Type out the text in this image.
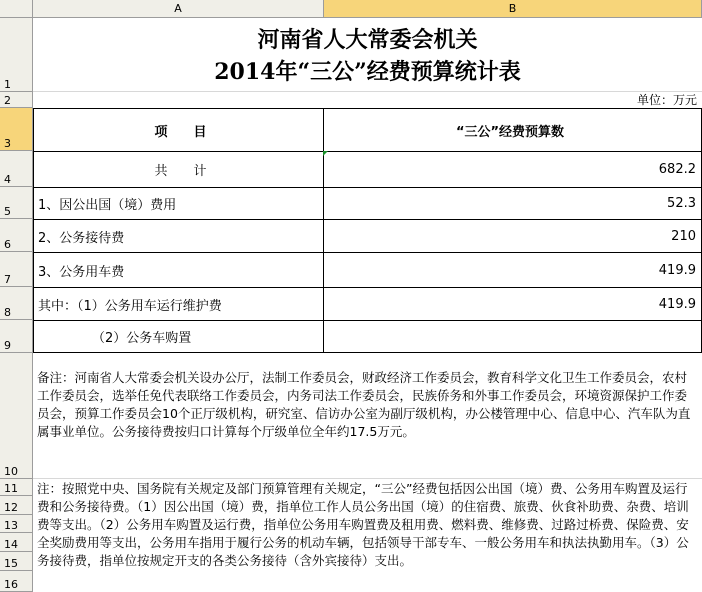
A	B
1
2
3
4
5
6
7
8
9
10
11
12
13
14
15
16
河南省人大常委会机关
2014年“三公”经费预算统计表
单位：万元
项　　目	“三公”经费预算数
共　　计	682.2
1、因公出国（境）费用	52.3
2、公务接待费	210
3、公务用车费	419.9
其中：（1）公务用车运行维护费	419.9
（2）公务车购置
备注：河南省人大常委会机关设办公厅，法制工作委员会，财政经济工作委员会，教育科学文化卫生工作委员会，农村工作委员会，选举任免代表联络工作委员会，内务司法工作委员会，民族侨务和外事工作委员会，环境资源保护工作委员会，预算工作委员会10个正厅级机构，研究室、信访办公室为副厅级机构，办公楼管理中心、信息中心、汽车队为直属事业单位。公务接待费按归口计算每个厅级单位全年约17.5万元。
注：按照党中央、国务院有关规定及部门预算管理有关规定，“三公”经费包括因公出国（境）费、公务用车购置及运行费和公务接待费。（1）因公出国（境）费，指单位工作人员公务出国（境）的住宿费、旅费、伙食补助费、杂费、培训费等支出。（2）公务用车购置及运行费，指单位公务用车购置费及租用费、燃料费、维修费、过路过桥费、保险费、安全奖励费用等支出，公务用车指用于履行公务的机动车辆，包括领导干部专车、一般公务用车和执法执勤用车。（3）公务接待费，指单位按规定开支的各类公务接待（含外宾接待）支出。
